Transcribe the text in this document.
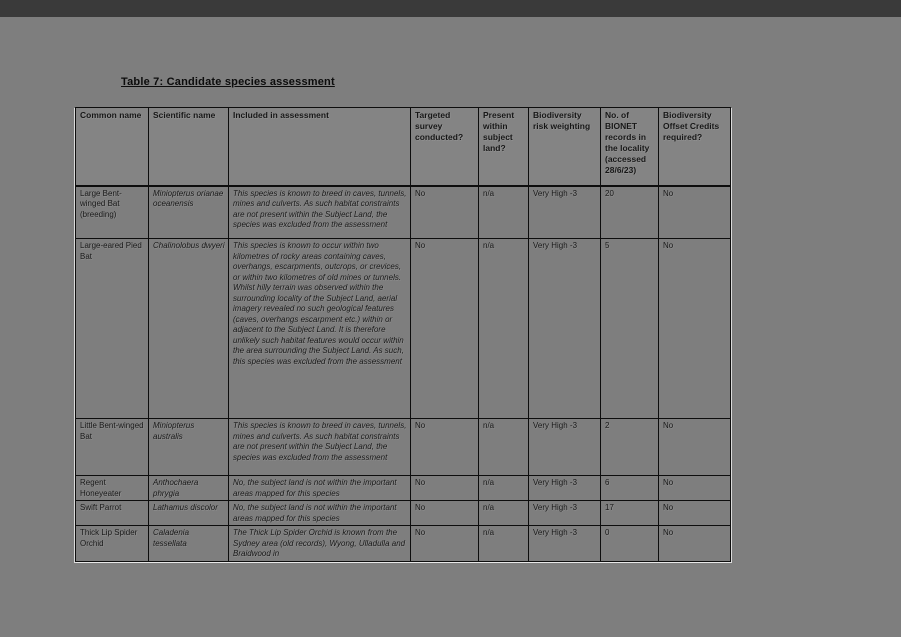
Table 7: Candidate species assessment
Common name	Scientific name	Included in assessment	Targeted survey conducted?	Present within subject land?	Biodiversity risk weighting	No. of BIONET records in the locality (accessed 28/6/23)	Biodiversity Offset Credits required?
Large Bent-winged Bat (breeding)	Miniopterus orianae oceanensis	This species is known to breed in caves, tunnels, mines and culverts. As such habitat constraints are not present within the Subject Land, the species was excluded from the assessment	No	n/a	Very High -3	20	No
Large-eared Pied Bat	Chalinolobus dwyeri	This species is known to occur within two kilometres of rocky areas containing caves, overhangs, escarpments, outcrops, or crevices, or within two kilometres of old mines or tunnels. Whilst hilly terrain was observed within the surrounding locality of the Subject Land, aerial imagery revealed no such geological features (caves, overhangs escarpment etc.) within or adjacent to the Subject Land. It is therefore unlikely such habitat features would occur within the area surrounding the Subject Land. As such, this species was excluded from the assessment	No	n/a	Very High -3	5	No
Little Bent-winged Bat	Miniopterus australis	This species is known to breed in caves, tunnels, mines and culverts. As such habitat constraints are not present within the Subject Land, the species was excluded from the assessment	No	n/a	Very High -3	2	No
Regent Honeyeater	Anthochaera phrygia	No, the subject land is not within the important areas mapped for this species	No	n/a	Very High -3	6	No
Swift Parrot	Lathamus discolor	No, the subject land is not within the important areas mapped for this species	No	n/a	Very High -3	17	No
Thick Lip Spider Orchid	Caladenia tessellata	The Thick Lip Spider Orchid is known from the Sydney area (old records), Wyong, Ulladulla and Braidwood in	No	n/a	Very High -3	0	No
